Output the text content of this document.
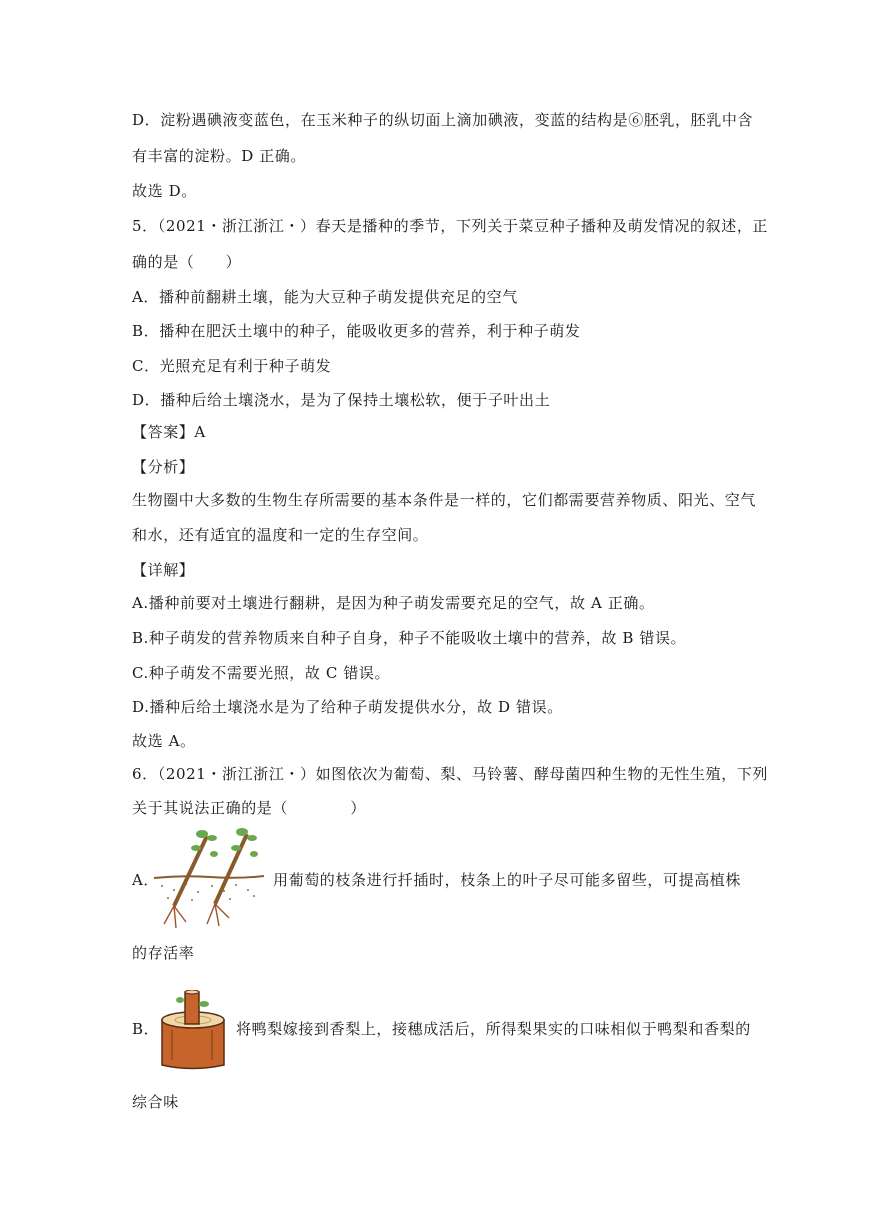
D．淀粉遇碘液变蓝色，在玉米种子的纵切面上滴加碘液，变蓝的结构是⑥胚乳，胚乳中含
有丰富的淀粉。D 正确。
故选 D。
5．（2021・浙江浙江・）春天是播种的季节，下列关于菜豆种子播种及萌发情况的叙述，正
确的是（　　）
A．播种前翻耕土壤，能为大豆种子萌发提供充足的空气
B．播种在肥沃土壤中的种子，能吸收更多的营养，利于种子萌发
C．光照充足有利于种子萌发
D．播种后给土壤浇水，是为了保持土壤松软，便于子叶出土
【答案】A
【分析】
生物圈中大多数的生物生存所需要的基本条件是一样的，它们都需要营养物质、阳光、空气
和水，还有适宜的温度和一定的生存空间。
【详解】
A.播种前要对土壤进行翻耕，是因为种子萌发需要充足的空气，故 A 正确。
B.种子萌发的营养物质来自种子自身，种子不能吸收土壤中的营养，故 B 错误。
C.种子萌发不需要光照，故 C 错误。
D.播种后给土壤浇水是为了给种子萌发提供水分，故 D 错误。
故选 A。
6．（2021・浙江浙江・）如图依次为葡萄、梨、马铃薯、酵母菌四种生物的无性生殖，下列
关于其说法正确的是（　　　　）
A．	用葡萄的枝条进行扦插时，枝条上的叶子尽可能多留些，可提高植株
的存活率
B．	将鸭梨嫁接到香梨上，接穗成活后，所得梨果实的口味相似于鸭梨和香梨的
综合味
